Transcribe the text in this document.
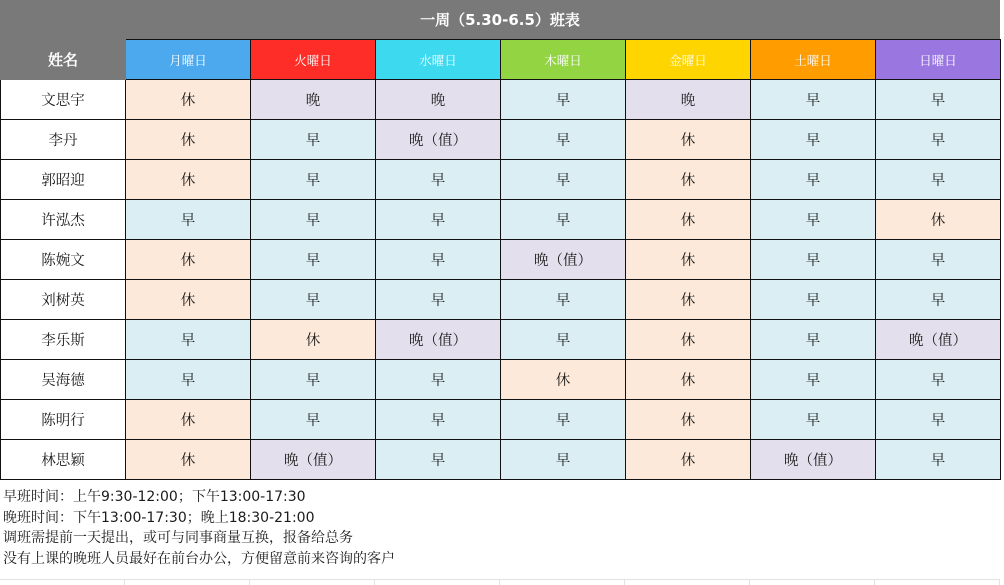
一周（5.30-6.5）班表
姓名	月曜日	火曜日	水曜日	木曜日	金曜日	土曜日	日曜日
文思宇	休	晚	晚	早	晚	早	早
李丹	休	早	晚（值）	早	休	早	早
郭昭迎	休	早	早	早	休	早	早
许泓杰	早	早	早	早	休	早	休
陈婉文	休	早	早	晚（值）	休	早	早
刘树英	休	早	早	早	休	早	早
李乐斯	早	休	晚（值）	早	休	早	晚（值）
吴海德	早	早	早	休	休	早	早
陈明行	休	早	早	早	休	早	早
林思颖	休	晚（值）	早	早	休	晚（值）	早
早班时间：上午9:30-12:00；下午13:00-17:30
晚班时间：下午13:00-17:30；晚上18:30-21:00
调班需提前一天提出，或可与同事商量互换，报备给总务
没有上课的晚班人员最好在前台办公，方便留意前来咨询的客户
